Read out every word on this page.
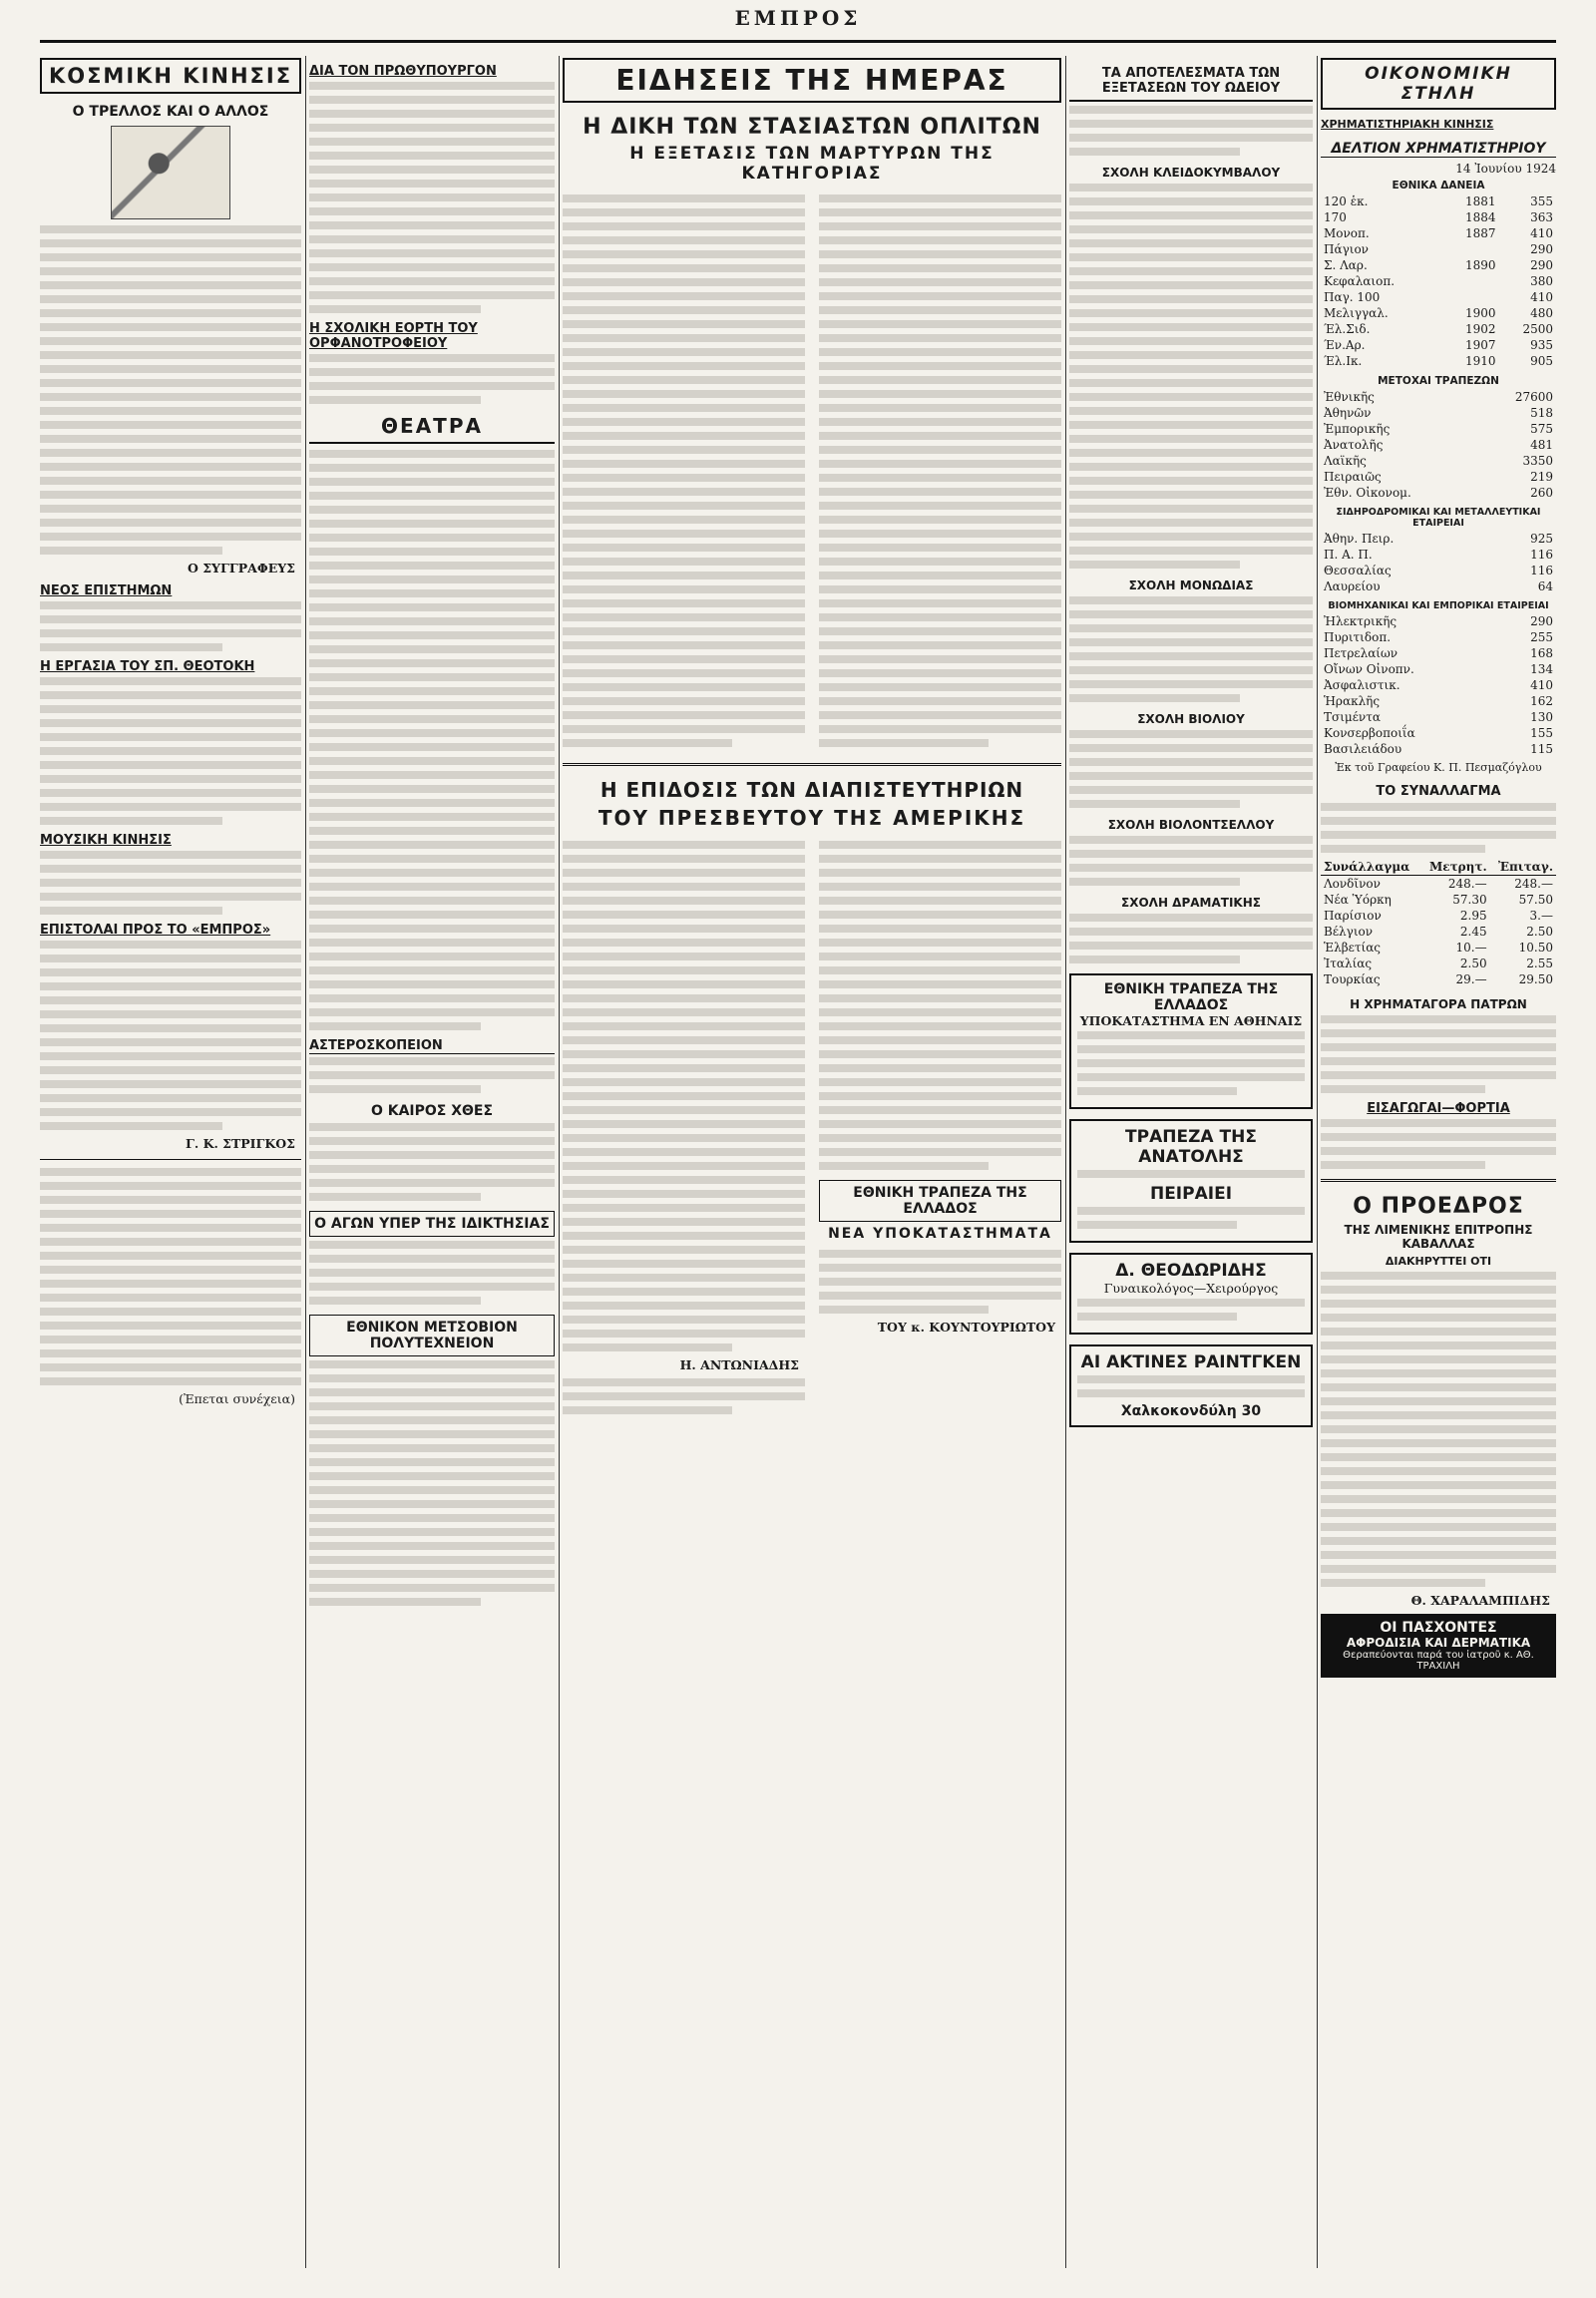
ΕΜΠΡΟΣ
ΚΟΣΜΙΚΗ ΚΙΝΗΣΙΣ
Ο ΤΡΕΛΛΟΣ ΚΑΙ Ο ΑΛΛΟΣ
Ο ΣΥΓΓΡΑΦΕΥΣ
ΝΕΟΣ ΕΠΙΣΤΗΜΩΝ
Η ΕΡΓΑΣΙΑ ΤΟΥ ΣΠ. ΘΕΟΤΟΚΗ
ΜΟΥΣΙΚΗ ΚΙΝΗΣΙΣ
ΕΠΙΣΤΟΛΑΙ ΠΡΟΣ ΤΟ «ΕΜΠΡΟΣ»
Γ. Κ. ΣΤΡΙΓΚΟΣ
(Ἐπεται συνέχεια)
ΔΙΑ ΤΟΝ ΠΡΩΘΥΠΟΥΡΓΟΝ
Η ΣΧΟΛΙΚΗ ΕΟΡΤΗ ΤΟΥ ΟΡΦΑΝΟΤΡΟΦΕΙΟΥ
ΘΕΑΤΡΑ
ΑΣΤΕΡΟΣΚΟΠΕΙΟΝ
Ο ΚΑΙΡΟΣ ΧΘΕΣ
Ο ΑΓΩΝ ΥΠΕΡ ΤΗΣ ΙΔΙΚΤΗΣΙΑΣ
ΕΘΝΙΚΟΝ ΜΕΤΣΟΒΙΟΝ ΠΟΛΥΤΕΧΝΕΙΟΝ
ΕΙΔΗΣΕΙΣ ΤΗΣ ΗΜΕΡΑΣ
Η ΔΙΚΗ ΤΩΝ ΣΤΑΣΙΑΣΤΩΝ ΟΠΛΙΤΩΝ
Η ΕΞΕΤΑΣΙΣ ΤΩΝ ΜΑΡΤΥΡΩΝ ΤΗΣ ΚΑΤΗΓΟΡΙΑΣ
Η ΕΠΙΔΟΣΙΣ ΤΩΝ ΔΙΑΠΙΣΤΕΥΤΗΡΙΩΝ
ΤΟΥ ΠΡΕΣΒΕΥΤΟΥ ΤΗΣ ΑΜΕΡΙΚΗΣ
Η. ΑΝΤΩΝΙΑΔΗΣ
ΕΘΝΙΚΗ ΤΡΑΠΕΖΑ ΤΗΣ ΕΛΛΑΔΟΣ
ΝΕΑ ΥΠΟΚΑΤΑΣΤΗΜΑΤΑ
ΤΟΥ κ. ΚΟΥΝΤΟΥΡΙΩΤΟΥ
ΤΑ ΑΠΟΤΕΛΕΣΜΑΤΑ ΤΩΝ ΕΞΕΤΑΣΕΩΝ ΤΟΥ ΩΔΕΙΟΥ
ΣΧΟΛΗ ΚΛΕΙΔΟΚΥΜΒΑΛΟΥ
ΣΧΟΛΗ ΜΟΝΩΔΙΑΣ
ΣΧΟΛΗ ΒΙΟΛΙΟΥ
ΣΧΟΛΗ ΒΙΟΛΟΝΤΣΕΛΛΟΥ
ΣΧΟΛΗ ΔΡΑΜΑΤΙΚΗΣ
ΕΘΝΙΚΗ ΤΡΑΠΕΖΑ ΤΗΣ ΕΛΛΑΔΟΣ
ΥΠΟΚΑΤΑΣΤΗΜΑ ΕΝ ΑΘΗΝΑΙΣ
ΤΡΑΠΕΖΑ ΤΗΣ ΑΝΑΤΟΛΗΣ
ΠΕΙΡΑΙΕΙ
Δ. ΘΕΟΔΩΡΙΔΗΣ
Γυναικολόγος—Χειρούργος
ΑΙ ΑΚΤΙΝΕΣ ΡΑΙΝΤΓΚΕΝ
Χαλκοκονδύλη 30
ΟΙΚΟΝΟΜΙΚΗ ΣΤΗΛΗ
ΧΡΗΜΑΤΙΣΤΗΡΙΑΚΗ ΚΙΝΗΣΙΣ
ΔΕΛΤΙΟΝ ΧΡΗΜΑΤΙΣΤΗΡΙΟΥ
14 Ἰουνίου 1924
ΕΘΝΙΚΑ ΔΑΝΕΙΑ
120 ἑκ.	1881	355
170	1884	363
Μονοπ.	1887	410
Πάγιον		290
Σ. Λαρ.	1890	290
Κεφαλαιοπ.		380
Παγ. 100		410
Μελιγγαλ.	1900	480
Έλ.Σιδ.	1902	2500
Έν.Αρ.	1907	935
Έλ.Ικ.	1910	905
ΜΕΤΟΧΑΙ ΤΡΑΠΕΖΩΝ
Ἐθνικῆς	27600
Ἀθηνῶν	518
Ἐμπορικῆς	575
Ἀνατολῆς	481
Λαϊκῆς	3350
Πειραιῶς	219
Ἐθν. Οἰκονομ.	260
ΣΙΔΗΡΟΔΡΟΜΙΚΑΙ ΚΑΙ ΜΕΤΑΛΛΕΥΤΙΚΑΙ ΕΤΑΙΡΕΙΑΙ
Ἀθην. Πειρ.	925
Π. Α. Π.	116
Θεσσαλίας	116
Λαυρείου	64
ΒΙΟΜΗΧΑΝΙΚΑΙ ΚΑΙ ΕΜΠΟΡΙΚΑΙ ΕΤΑΙΡΕΙΑΙ
Ἠλεκτρικῆς	290
Πυριτιδοπ.	255
Πετρελαίων	168
Οἴνων Οἰνοπν.	134
Ἀσφαλιστικ.	410
Ἡρακλῆς	162
Τσιμέντα	130
Κονσερβοποιΐα	155
Βασιλειάδου	115
Ἐκ τοῦ Γραφείου Κ. Π. Πεσμαζόγλου
ΤΟ ΣΥΝΑΛΛΑΓΜΑ
Συνάλλαγμα	Μετρητ.	Ἐπιταγ.
Λονδῖνον	248.—	248.—
Νέα Ὑόρκη	57.30	57.50
Παρίσιον	2.95	3.—
Βέλγιον	2.45	2.50
Ἑλβετίας	10.—	10.50
Ἰταλίας	2.50	2.55
Τουρκίας	29.—	29.50
Η ΧΡΗΜΑΤΑΓΟΡΑ ΠΑΤΡΩΝ
ΕΙΣΑΓΩΓΑΙ—ΦΟΡΤΙΑ
Ο ΠΡΟΕΔΡΟΣ
ΤΗΣ ΛΙΜΕΝΙΚΗΣ ΕΠΙΤΡΟΠΗΣ ΚΑΒΑΛΛΑΣ
ΔΙΑΚΗΡΥΤΤΕΙ ΟΤΙ
Θ. ΧΑΡΑΛΑΜΠΙΔΗΣ
ΟΙ ΠΑΣΧΟΝΤΕΣ
ΑΦΡΟΔΙΣΙΑ ΚΑΙ ΔΕΡΜΑΤΙΚΑ
Θεραπεύονται παρά του ἰατροῦ κ. ΑΘ. ΤΡΑΧΙΛΗ
